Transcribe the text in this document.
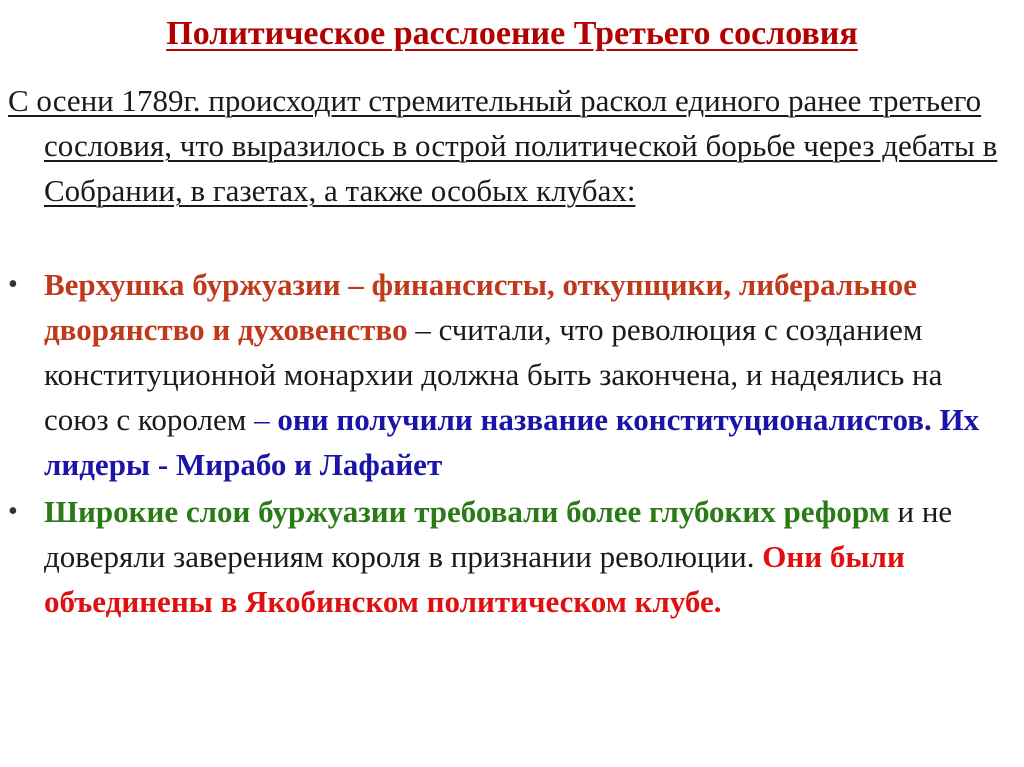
Политическое расслоение Третьего сословия

С осени 1789г. происходит стремительный раскол единого ранее третьего сословия, что выразилось в острой политической борьбе через дебаты в Собрании, в газетах, а также особых клубах:

• Верхушка буржуазии – финансисты, откупщики, либеральное дворянство и духовенство – считали, что революция с созданием конституционной монархии должна быть закончена, и надеялись на союз с королем – они получили название конституционалистов. Их лидеры - Мирабо и Лафайет
• Широкие слои буржуазии требовали более глубоких реформ и не доверяли заверениям короля в признании революции. Они были объединены в Якобинском политическом клубе.
